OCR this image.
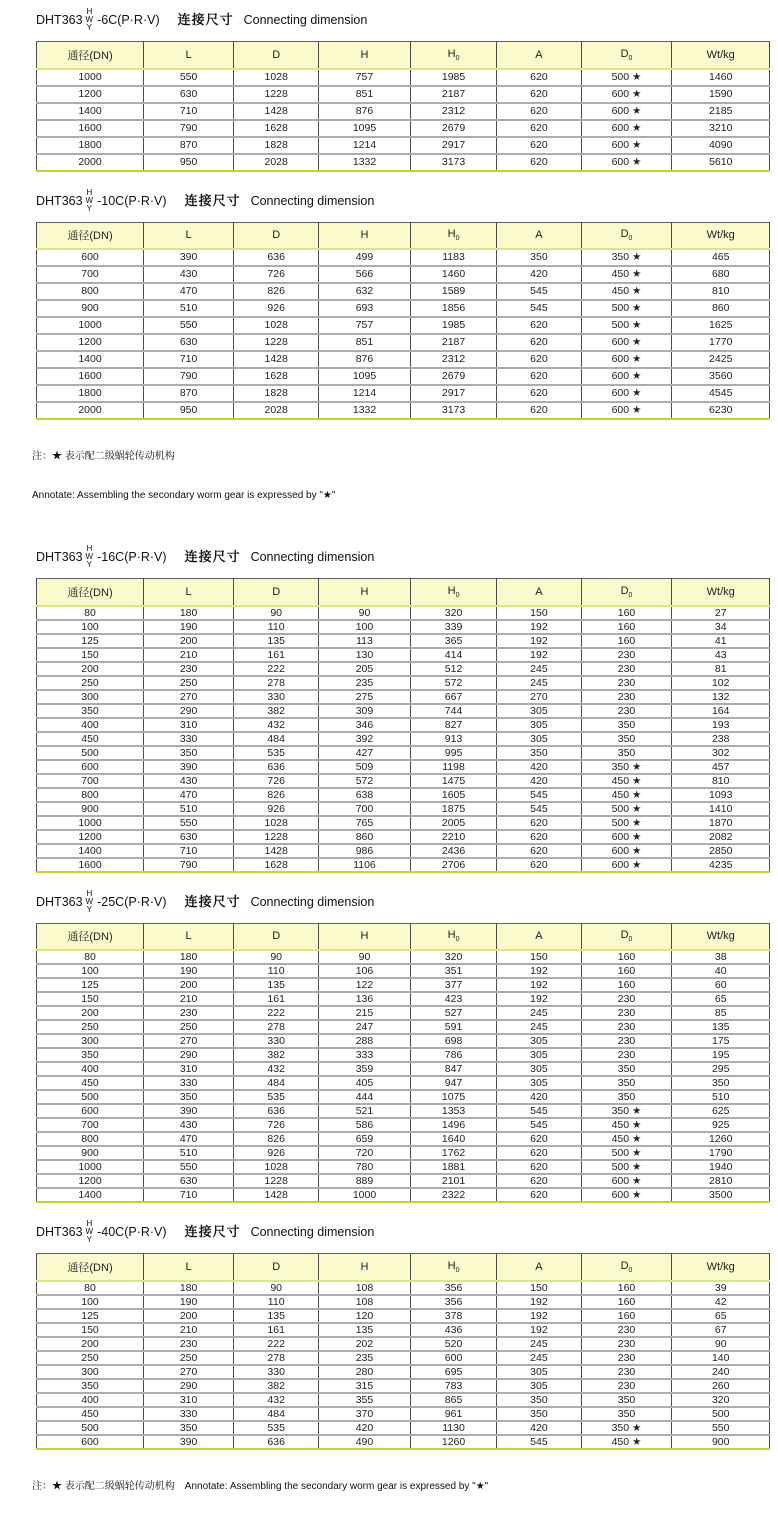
DHT363
H
W
Y
-6C(P·R·V) 连接尺寸 Connecting dimension
通径(DN)	L	D	H	$H_0$	A	$D_0$	Wt/kg
1000	550	1028	757	1985	620	500 ★	1460
1200	630	1228	851	2187	620	600 ★	1590
1400	710	1428	876	2312	620	600 ★	2185
1600	790	1628	1095	2679	620	600 ★	3210
1800	870	1828	1214	2917	620	600 ★	4090
2000	950	2028	1332	3173	620	600 ★	5610
DHT363
H
W
Y
-10C(P·R·V) 连接尺寸 Connecting dimension
通径(DN)	L	D	H	$H_0$	A	$D_0$	Wt/kg
600	390	636	499	1183	350	350 ★	465
700	430	726	566	1460	420	450 ★	680
800	470	826	632	1589	545	450 ★	810
900	510	926	693	1856	545	500 ★	860
1000	550	1028	757	1985	620	500 ★	1625
1200	630	1228	851	2187	620	600 ★	1770
1400	710	1428	876	2312	620	600 ★	2425
1600	790	1628	1095	2679	620	600 ★	3560
1800	870	1828	1214	2917	620	600 ★	4545
2000	950	2028	1332	3173	620	600 ★	6230

注：★ 表示配二级蜗轮传动机构

Annotate: Assembling the secondary worm gear is expressed by "★"

DHT363
H
W
Y
-16C(P·R·V) 连接尺寸 Connecting dimension
通径(DN)	L	D	H	$H_0$	A	$D_0$	Wt/kg
80	180	90	90	320	150	160	27
100	190	110	100	339	192	160	34
125	200	135	113	365	192	160	41
150	210	161	130	414	192	230	43
200	230	222	205	512	245	230	81
250	250	278	235	572	245	230	102
300	270	330	275	667	270	230	132
350	290	382	309	744	305	230	164
400	310	432	346	827	305	350	193
450	330	484	392	913	305	350	238
500	350	535	427	995	350	350	302
600	390	636	509	1198	420	350 ★	457
700	430	726	572	1475	420	450 ★	810
800	470	826	638	1605	545	450 ★	1093
900	510	926	700	1875	545	500 ★	1410
1000	550	1028	765	2005	620	500 ★	1870
1200	630	1228	860	2210	620	600 ★	2082
1400	710	1428	986	2436	620	600 ★	2850
1600	790	1628	1106	2706	620	600 ★	4235
DHT363
H
W
Y
-25C(P·R·V) 连接尺寸 Connecting dimension
通径(DN)	L	D	H	$H_0$	A	$D_0$	Wt/kg
80	180	90	90	320	150	160	38
100	190	110	106	351	192	160	40
125	200	135	122	377	192	160	60
150	210	161	136	423	192	230	65
200	230	222	215	527	245	230	85
250	250	278	247	591	245	230	135
300	270	330	288	698	305	230	175
350	290	382	333	786	305	230	195
400	310	432	359	847	305	350	295
450	330	484	405	947	305	350	350
500	350	535	444	1075	420	350	510
600	390	636	521	1353	545	350 ★	625
700	430	726	586	1496	545	450 ★	925
800	470	826	659	1640	620	450 ★	1260
900	510	926	720	1762	620	500 ★	1790
1000	550	1028	780	1881	620	500 ★	1940
1200	630	1228	889	2101	620	600 ★	2810
1400	710	1428	1000	2322	620	600 ★	3500
DHT363
H
W
Y
-40C(P·R·V) 连接尺寸 Connecting dimension
通径(DN)	L	D	H	$H_0$	A	$D_0$	Wt/kg
80	180	90	108	356	150	160	39
100	190	110	108	356	192	160	42
125	200	135	120	378	192	160	65
150	210	161	135	436	192	230	67
200	230	222	202	520	245	230	90
250	250	278	235	600	245	230	140
300	270	330	280	695	305	230	240
350	290	382	315	783	305	230	260
400	310	432	355	865	350	350	320
450	330	484	370	961	350	350	500
500	350	535	420	1130	420	350 ★	550
600	390	636	490	1260	545	450 ★	900

注：★ 表示配二级蜗轮传动机构　Annotate: Assembling the secondary worm gear is expressed by "★"
